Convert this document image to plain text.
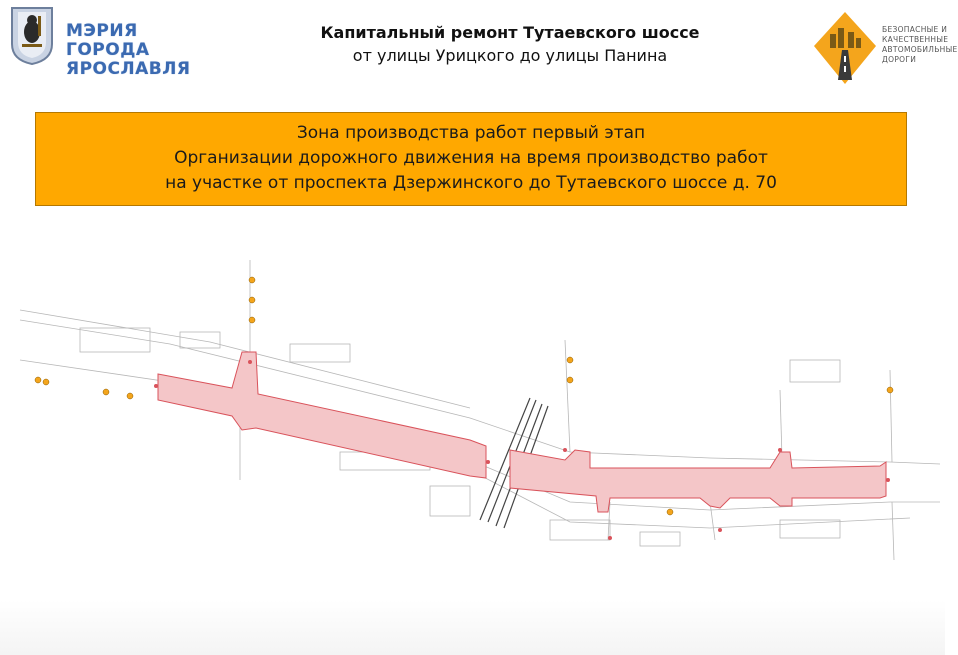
МЭРИЯ ГОРОДА
ЯРОСЛАВЛЯ
Капитальный ремонт Тутаевского шоссе
от улицы Урицкого до улицы Панина
БЕЗОПАСНЫЕ И
КАЧЕСТВЕННЫЕ
АВТОМОБИЛЬНЫЕ
ДОРОГИ
Зона производства работ первый этап
Организации дорожного движения на время производство работ
на участке от проспекта Дзержинского до Тутаевского шоссе д. 70
